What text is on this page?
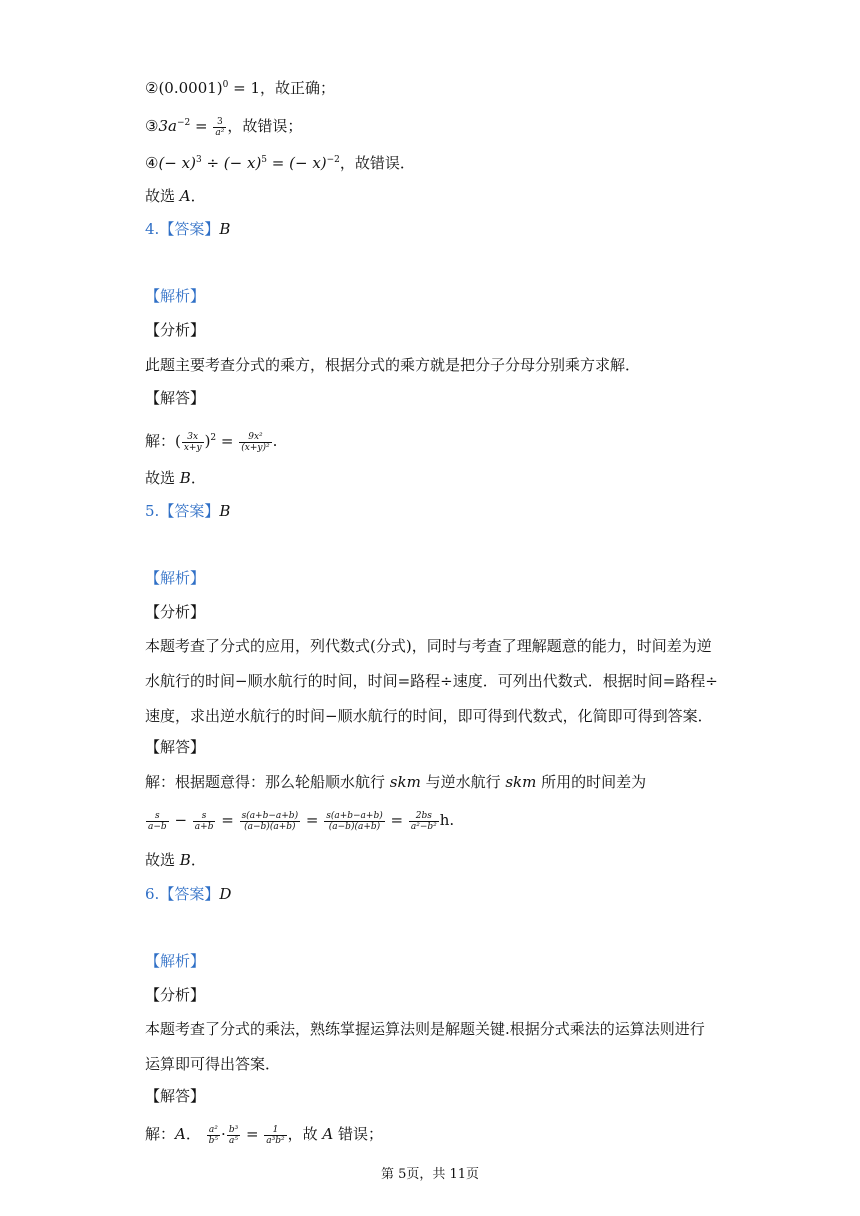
$②(0.0001)^0 = 1$，故正确；
$③3a^{-2} = \frac{3}{\text{a²}}$ ，故错误；
④(− x)$^3$ ÷ (− x)$^5$ = (− x)$^{-2}$，故错误．
故选 A．
4.【答案】B
【解析】
【分析】
此题主要考查分式的乘方，根据分式的乘方就是把分子分母分别乘方求解．
【解答】
解：( $\frac{3x}{x+y} )^2 = \frac{\text{9x²}}{\text{(x+y)²}}$ .
故选 B．
5.【答案】B
【解析】
【分析】
本题考查了分式的应用，列代数式(分式)，同时与考查了理解题意的能力，时间差为逆
水航行的时间−顺水航行的时间，时间=路程÷速度．可列出代数式．根据时间=路程÷
速度，求出逆水航行的时间−顺水航行的时间，即可得到代数式，化简即可得到答案．
【解答】
解：根据题意得：那么轮船顺水航行 skm 与逆水航行 skm 所用的时间差为
$\frac{s}{a-b} - \frac{s}{a+b} = \frac{s(a+b-a+b)}{(a-b)(a+b)} = \frac{s(a+b-a+b)}{(a-b)(a+b)} = \frac{2bs}{\text{a²−b²}} h$.
故选 B．
6.【答案】D
【解析】
【分析】
本题考查了分式的乘法，熟练掌握运算法则是解题关键.根据分式乘法的运算法则进行
运算即可得出答案．
【解答】
解：A． $\frac{\text{a²}}{\text{b⁵}} \cdot \frac{\text{b³}}{\text{a⁵}} = \frac{1}{\text{a³b²}}$ ，故 A 错误；
第 5页，共 11页
